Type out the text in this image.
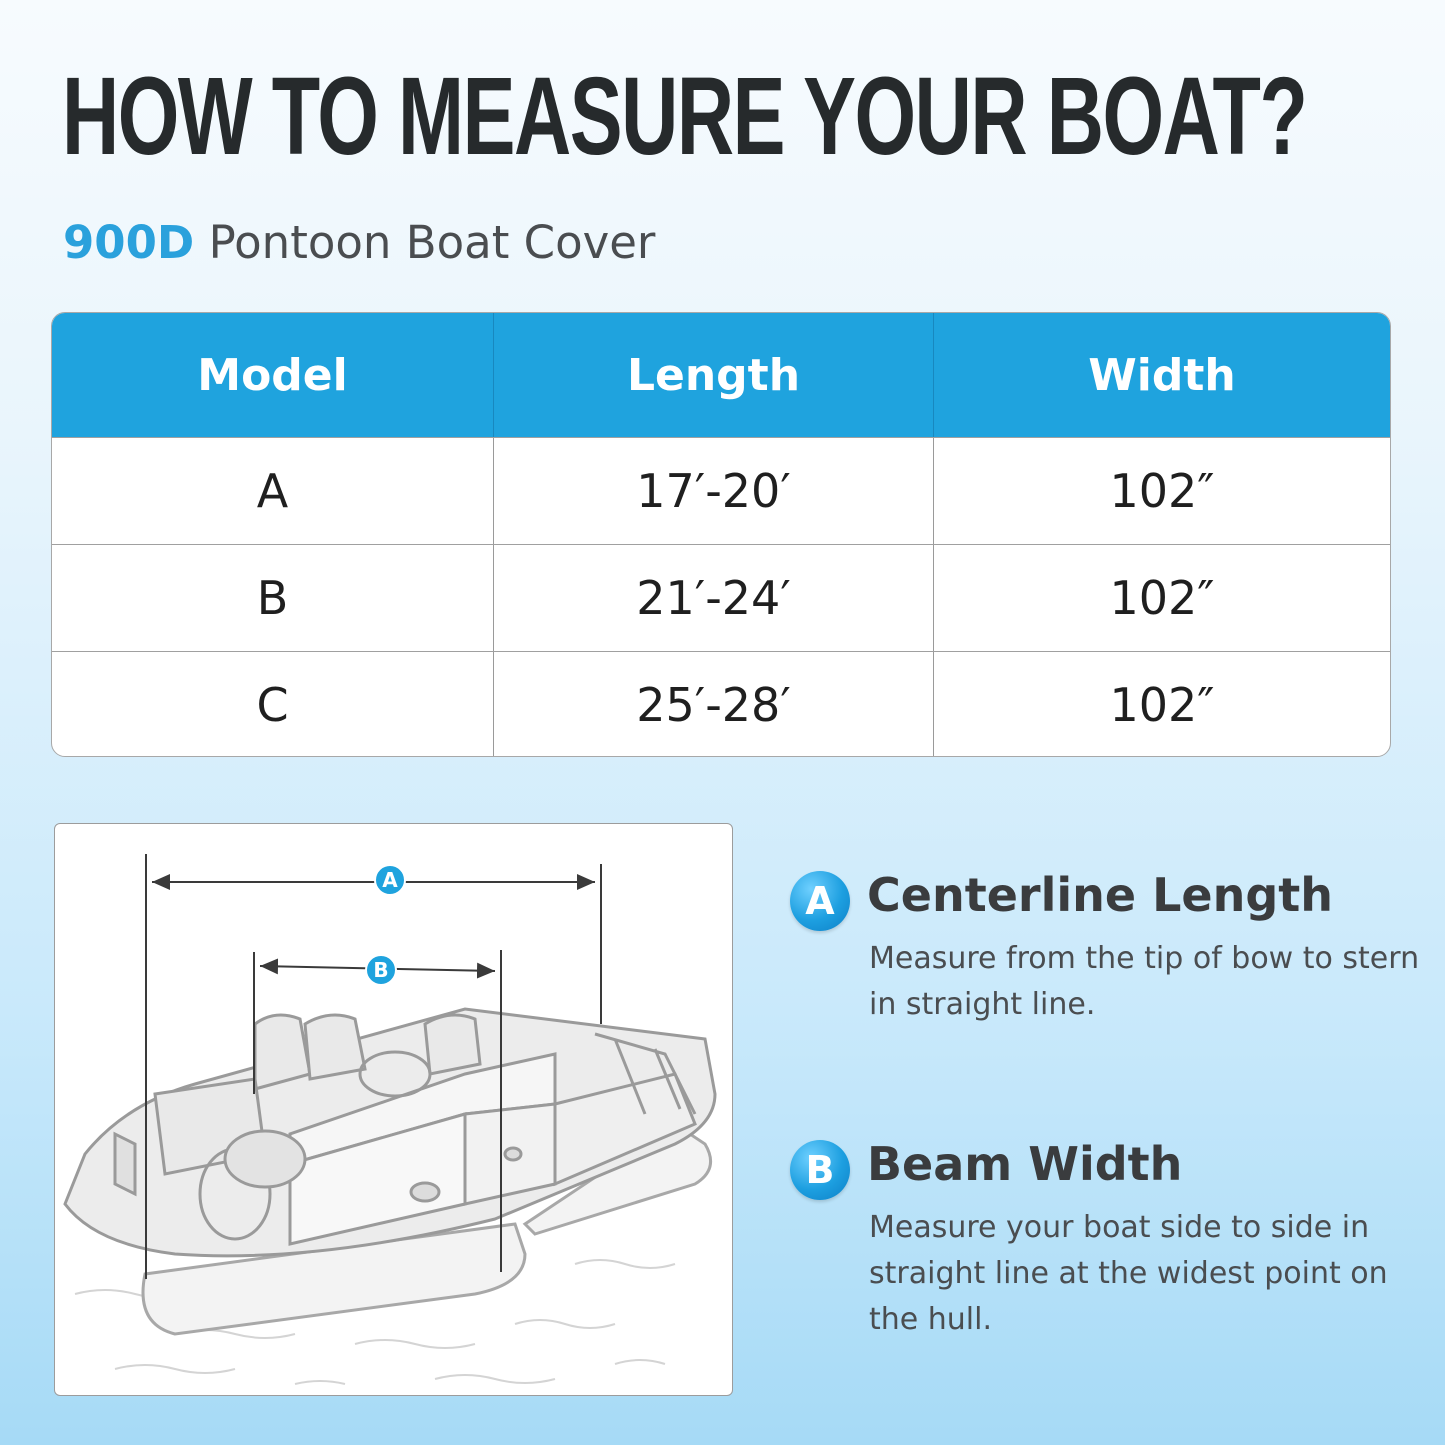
HOW TO MEASURE YOUR BOAT?
900D Pontoon Boat Cover
Model	Length	Width
A	17′-20′	102″
B	21′-24′	102″
C	25′-28′	102″
A
B
A Centerline Length
Measure from the tip of bow to stern in straight line.
B Beam Width
Measure your boat side to side in straight line at the widest point on the hull.
